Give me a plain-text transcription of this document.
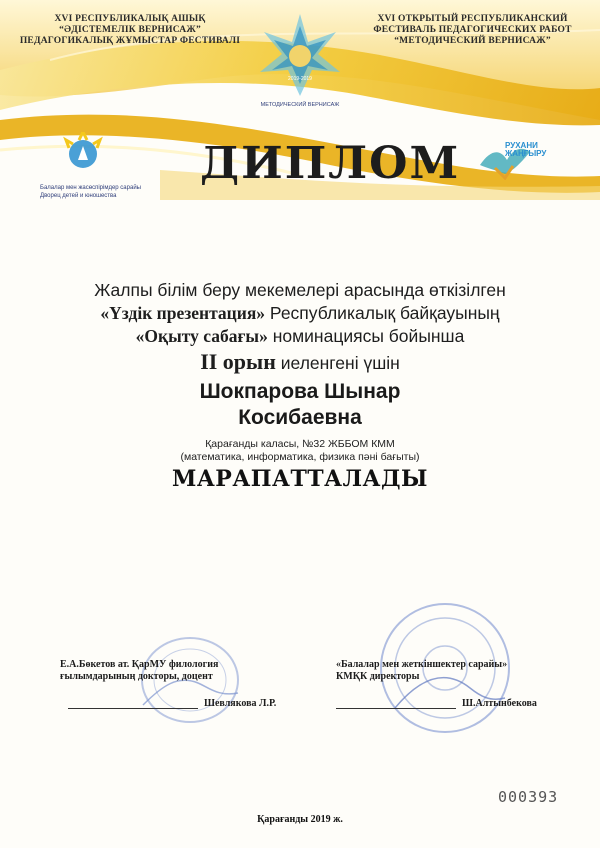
XVI РЕСПУБЛИКАЛЫҚ АШЫҚ
“ӘДІСТЕМЕЛІК ВЕРНИСАЖ”
ПЕДАГОГИКАЛЫҚ ЖҰМЫСТАР ФЕСТИВАЛІ
XVI ОТКРЫТЫЙ РЕСПУБЛИКАНСКИЙ
ФЕСТИВАЛЬ ПЕДАГОГИЧЕСКИХ РАБОТ
“МЕТОДИЧЕСКИЙ ВЕРНИСАЖ”
2019-2019
МЕТОДИЧЕСКИЙ ВЕРНИСАЖ
Балалар мен жасөспірімдер сарайы
Дворец детей и юношества
РУХАНИ
ЖАҢҒЫРУ
ДИПЛОМ
Жалпы білім беру мекемелері арасында өткізілген
«Үздік презентация» Республикалық байқауының
«Оқыту сабағы» номинациясы бойынша
ІІ орын иеленгені үшін
Шокпарова Шынар
Косибаевна
Қарағанды каласы, №32 ЖББОМ КММ
(математика, информатика, физика пәні бағыты)
МАРАПАТТАЛАДЫ
Е.А.Бөкетов ат. ҚарМУ филология
ғылымдарының докторы, доцент
Шевлякова Л.Р.
«Балалар мен жеткіншектер сарайы»
КМҚК директоры
Ш.Алтынбекова
000393
Қарағанды 2019 ж.
